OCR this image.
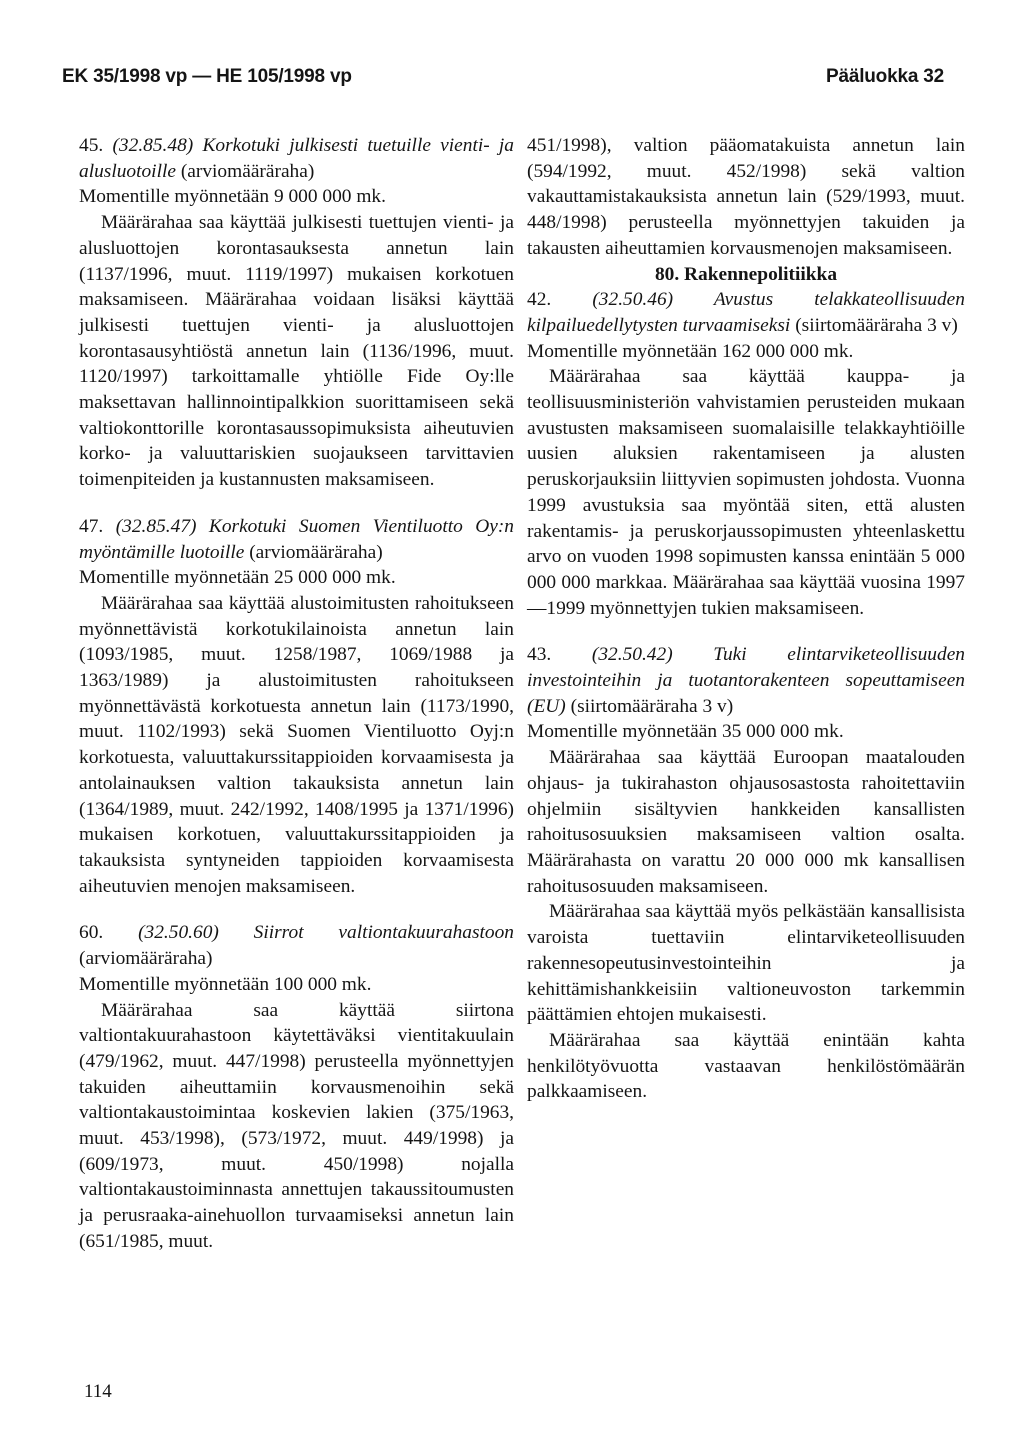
EK 35/1998 vp — HE 105/1998 vp	Pääluokka 32

45. (32.85.48) Korkotuki julkisesti tuetuille vienti- ja alusluotoille (arviomääräraha)

Momentille myönnetään 9 000 000 mk.

Määrärahaa saa käyttää julkisesti tuettujen vienti- ja alusluottojen korontasauksesta annetun lain (1137/1996, muut. 1119/1997) mukaisen korkotuen maksamiseen. Määrärahaa voidaan lisäksi käyttää julkisesti tuettujen vienti- ja alusluottojen korontasausyhtiöstä annetun lain (1136/1996, muut. 1120/1997) tarkoittamalle yhtiölle Fide Oy:lle maksettavan hallinnointipalkkion suorittamiseen sekä valtiokonttorille korontasaussopimuksista aiheutuvien korko- ja valuuttariskien suojaukseen tarvittavien toimenpiteiden ja kustannusten maksamiseen.

47. (32.85.47) Korkotuki Suomen Vientiluotto Oy:n myöntämille luotoille (arviomääräraha)

Momentille myönnetään 25 000 000 mk.

Määrärahaa saa käyttää alustoimitusten rahoitukseen myönnettävistä korkotukilainoista annetun lain (1093/1985, muut. 1258/1987, 1069/1988 ja 1363/1989) ja alustoimitusten rahoitukseen myönnettävästä korkotuesta annetun lain (1173/1990, muut. 1102/1993) sekä Suomen Vientiluotto Oyj:n korkotuesta, valuuttakurssitappioiden korvaamisesta ja antolainauksen valtion takauksista annetun lain (1364/1989, muut. 242/1992, 1408/1995 ja 1371/1996) mukaisen korkotuen, valuuttakurssitappioiden ja takauksista syntyneiden tappioiden korvaamisesta aiheutuvien menojen maksamiseen.

60. (32.50.60) Siirrot valtiontakuurahastoon (arviomääräraha)

Momentille myönnetään 100 000 mk.

Määrärahaa saa käyttää siirtona valtiontakuurahastoon käytettäväksi vientitakuulain (479/1962, muut. 447/1998) perusteella myönnettyjen takuiden aiheuttamiin korvausmenoihin sekä valtiontakaustoimintaa koskevien lakien (375/1963, muut. 453/1998), (573/1972, muut. 449/1998) ja (609/1973, muut. 450/1998) nojalla valtiontakaustoiminnasta annettujen takaussitoumusten ja perusraaka-ainehuollon turvaamiseksi annetun lain (651/1985, muut.

451/1998), valtion pääomatakuista annetun lain (594/1992, muut. 452/1998) sekä valtion vakauttamistakauksista annetun lain (529/1993, muut. 448/1998) perusteella myönnettyjen takuiden ja takausten aiheuttamien korvausmenojen maksamiseen.

80. Rakennepolitiikka

42. (32.50.46) Avustus telakkateollisuuden kilpailuedellytysten turvaamiseksi (siirtomääräraha 3 v)

Momentille myönnetään 162 000 000 mk.

Määrärahaa saa käyttää kauppa- ja teollisuusministeriön vahvistamien perusteiden mukaan avustusten maksamiseen suomalaisille telakkayhtiöille uusien aluksien rakentamiseen ja alusten peruskorjauksiin liittyvien sopimusten johdosta. Vuonna 1999 avustuksia saa myöntää siten, että alusten rakentamis- ja peruskorjaussopimusten yhteenlaskettu arvo on vuoden 1998 sopimusten kanssa enintään 5 000 000 000 markkaa. Määrärahaa saa käyttää vuosina 1997—1999 myönnettyjen tukien maksamiseen.

43. (32.50.42) Tuki elintarviketeollisuuden investointeihin ja tuotantorakenteen sopeuttamiseen (EU) (siirtomääräraha 3 v)

Momentille myönnetään 35 000 000 mk.

Määrärahaa saa käyttää Euroopan maatalouden ohjaus- ja tukirahaston ohjausosastosta rahoitettaviin ohjelmiin sisältyvien hankkeiden kansallisten rahoitusosuuksien maksamiseen valtion osalta. Määrärahasta on varattu 20 000 000 mk kansallisen rahoitusosuuden maksamiseen.

Määrärahaa saa käyttää myös pelkästään kansallisista varoista tuettaviin elintarviketeollisuuden rakennesopeutusinvestointeihin ja kehittämishankkeisiin valtioneuvoston tarkemmin päättämien ehtojen mukaisesti.

Määrärahaa saa käyttää enintään kahta henkilötyövuotta vastaavan henkilöstömäärän palkkaamiseen.

114
